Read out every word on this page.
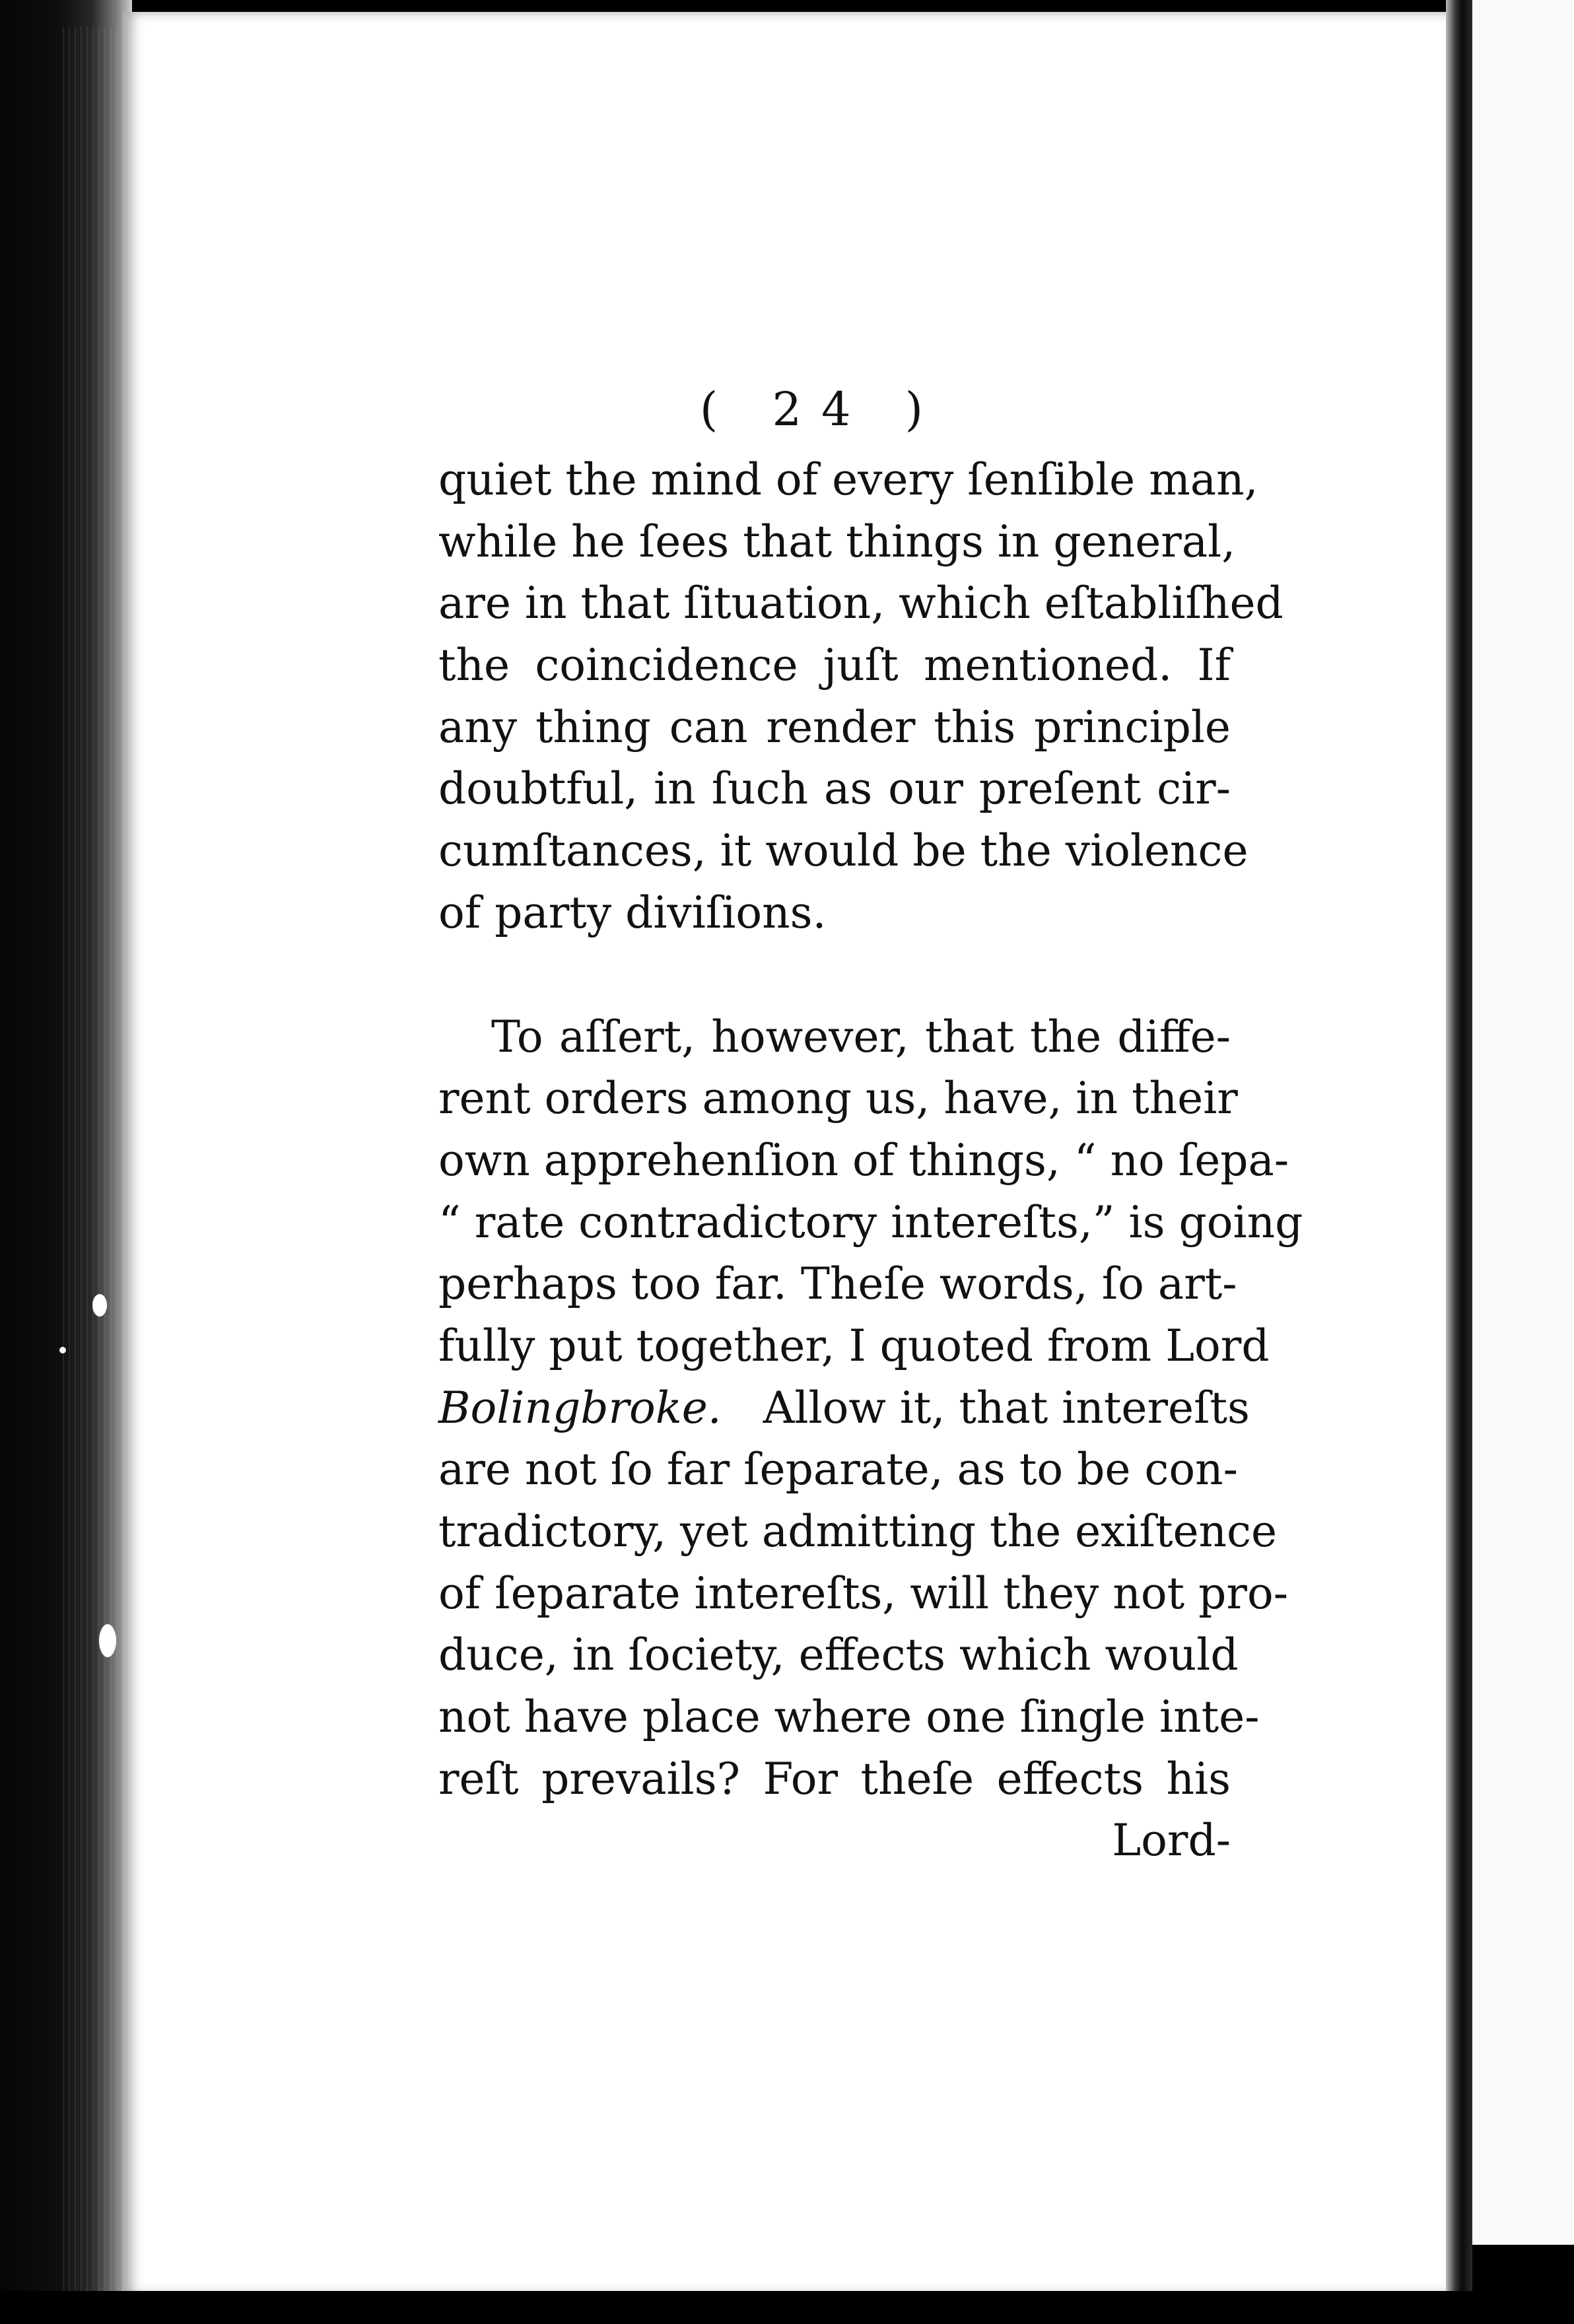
( 24 )
quiet the mind of every ſenſible man,
while he ſees that things in general,
are in that ſituation, which eſtabliſhed
the coincidence juſt mentioned. If
any thing can render this principle
doubtful, in ſuch as our preſent cir-
cumſtances, it would be the violence
of party diviſions.
To aſſert, however, that the diffe-
rent orders among us, have, in their
own apprehenſion of things, “ no ſepa-
“ rate contradictory intereſts,” is going
perhaps too far. Theſe words, ſo art-
fully put together, I quoted from Lord
Bolingbroke. Allow it, that intereſts
are not ſo far ſeparate, as to be con-
tradictory, yet admitting the exiſtence
of ſeparate intereſts, will they not pro-
duce, in ſociety, effects which would
not have place where one ſingle inte-
reſt prevails? For theſe effects his
Lord-
